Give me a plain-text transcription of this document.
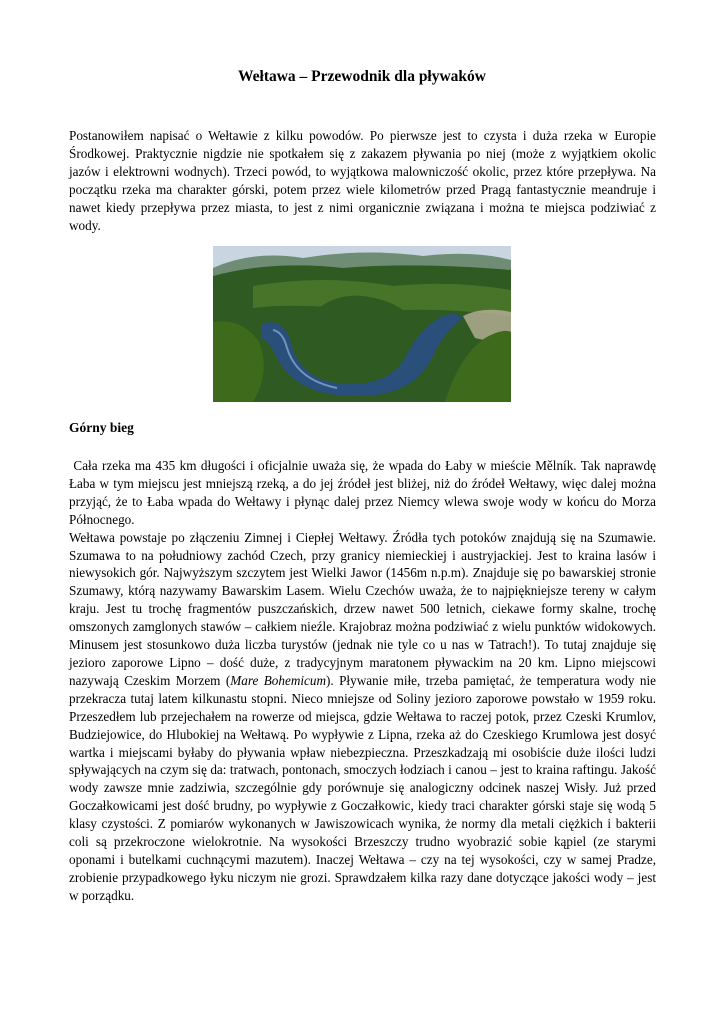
Wełtawa – Przewodnik dla pływaków

Postanowiłem napisać o Wełtawie z kilku powodów. Po pierwsze jest to czysta i duża rzeka w Europie Środkowej. Praktycznie nigdzie nie spotkałem się z zakazem pływania po niej (może z wyjątkiem okolic jazów i elektrowni wodnych). Trzeci powód, to wyjątkowa malowniczość okolic, przez które przepływa. Na początku rzeka ma charakter górski, potem przez wiele kilometrów przed Pragą fantastycznie meandruje i nawet kiedy przepływa przez miasta, to jest z nimi organicznie związana i można te miejsca podziwiać z wody.

Górny bieg
Cała rzeka ma 435 km długości i oficjalnie uważa się, że wpada do Łaby w mieście Mělník. Tak naprawdę Łaba w tym miejscu jest mniejszą rzeką, a do jej źródeł jest bliżej, niż do źródeł Wełtawy, więc dalej można przyjąć, że to Łaba wpada do Wełtawy i płynąc dalej przez Niemcy wlewa swoje wody w końcu do Morza Północnego.
Wełtawa powstaje po złączeniu Zimnej i Ciepłej Wełtawy. Źródła tych potoków znajdują się na Szumawie. Szumawa to na południowy zachód Czech, przy granicy niemieckiej i austryjackiej. Jest to kraina lasów i niewysokich gór. Najwyższym szczytem jest Wielki Jawor (1456m n.p.m). Znajduje się po bawarskiej stronie Szumawy, którą nazywamy Bawarskim Lasem. Wielu Czechów uważa, że to najpiękniejsze tereny w całym kraju. Jest tu trochę fragmentów puszczańskich, drzew nawet 500 letnich, ciekawe formy skalne, trochę omszonych zamglonych stawów – całkiem nieźle. Krajobraz można podziwiać z wielu punktów widokowych. Minusem jest stosunkowo duża liczba turystów (jednak nie tyle co u nas w Tatrach!). To tutaj znajduje się jezioro zaporowe Lipno – dość duże, z tradycyjnym maratonem pływackim na 20 km. Lipno miejscowi nazywają Czeskim Morzem (Mare Bohemicum). Pływanie miłe, trzeba pamiętać, że temperatura wody nie przekracza tutaj latem kilkunastu stopni. Nieco mniejsze od Soliny jezioro zaporowe powstało w 1959 roku. Przeszedłem lub przejechałem na rowerze od miejsca, gdzie Wełtawa to raczej potok, przez Czeski Krumlov, Budziejowice, do Hlubokiej na Wełtawą. Po wypływie z Lipna, rzeka aż do Czeskiego Krumlowa jest dosyć wartka i miejscami byłaby do pływania wpław niebezpieczna. Przeszkadzają mi osobiście duże ilości ludzi spływających na czym się da: tratwach, pontonach, smoczych łodziach i canou – jest to kraina raftingu. Jakość wody zawsze mnie zadziwia, szczególnie gdy porównuje się analogiczny odcinek naszej Wisły. Już przed Goczałkowicami jest dość brudny, po wypływie z Goczałkowic, kiedy traci charakter górski staje się wodą 5 klasy czystości. Z pomiarów wykonanych w Jawiszowicach wynika, że normy dla metali ciężkich i bakterii coli są przekroczone wielokrotnie. Na wysokości Brzeszczy trudno wyobrazić sobie kąpiel (ze starymi oponami i butelkami cuchnącymi mazutem). Inaczej Wełtawa – czy na tej wysokości, czy w samej Pradze, zrobienie przypadkowego łyku niczym nie grozi. Sprawdzałem kilka razy dane dotyczące jakości wody – jest w porządku.
